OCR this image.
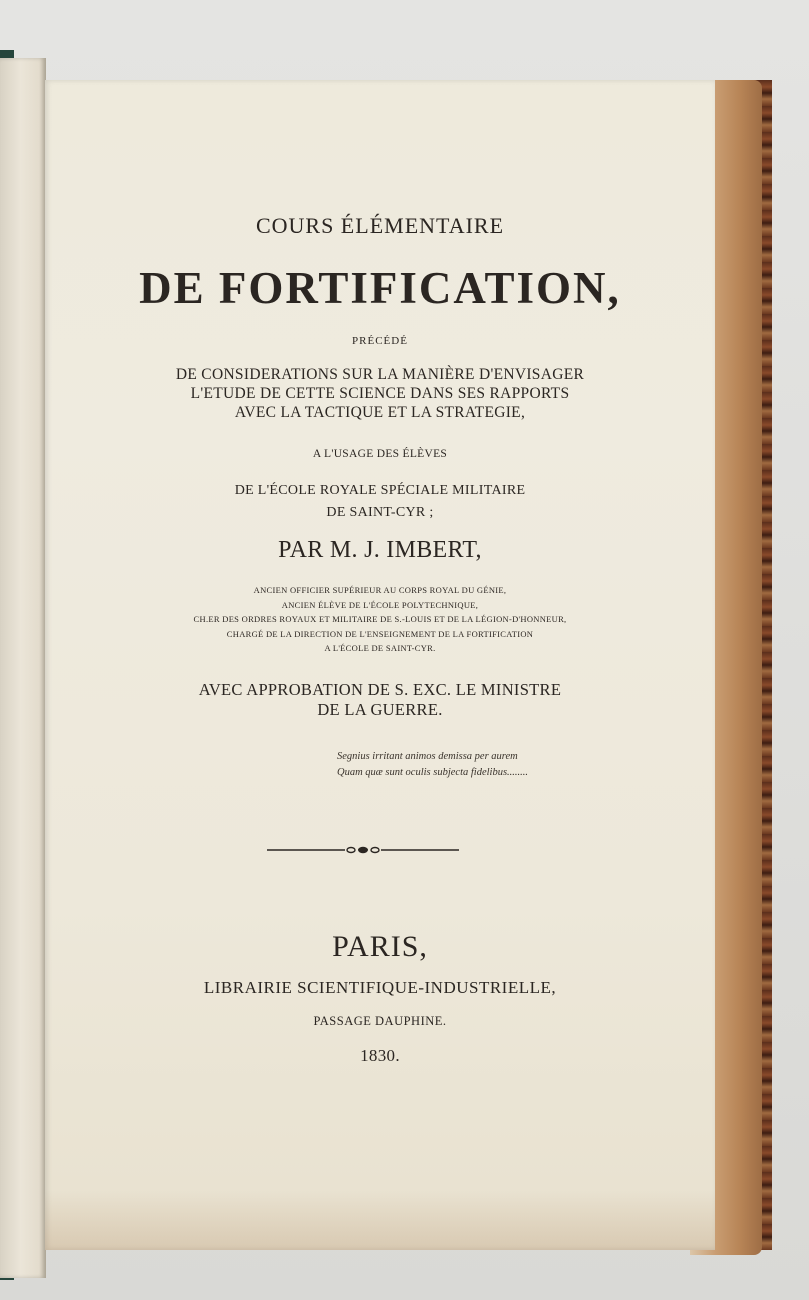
COURS ÉLÉMENTAIRE
DE FORTIFICATION,
PRÉCÉDÉ
DE CONSIDERATIONS SUR LA MANIÈRE D'ENVISAGER
L'ETUDE DE CETTE SCIENCE DANS SES RAPPORTS
AVEC LA TACTIQUE ET LA STRATEGIE,
A L'USAGE DES ÉLÈVES
DE L'ÉCOLE ROYALE SPÉCIALE MILITAIRE
DE SAINT-CYR ;
PAR M. J. IMBERT,
ANCIEN OFFICIER SUPÉRIEUR AU CORPS ROYAL DU GÉNIE,
ANCIEN ÉLÈVE DE L'ÉCOLE POLYTECHNIQUE,
CH.ER DES ORDRES ROYAUX ET MILITAIRE DE S.-LOUIS ET DE LA LÉGION-D'HONNEUR,
CHARGÉ DE LA DIRECTION DE L'ENSEIGNEMENT DE LA FORTIFICATION
A L'ÉCOLE DE SAINT-CYR.
AVEC APPROBATION DE S. EXC. LE MINISTRE
DE LA GUERRE.
Segnius irritant animos demissa per aurem
Quam quæ sunt oculis subjecta fidelibus........
PARIS,
LIBRAIRIE SCIENTIFIQUE-INDUSTRIELLE,
PASSAGE DAUPHINE.
1830.
